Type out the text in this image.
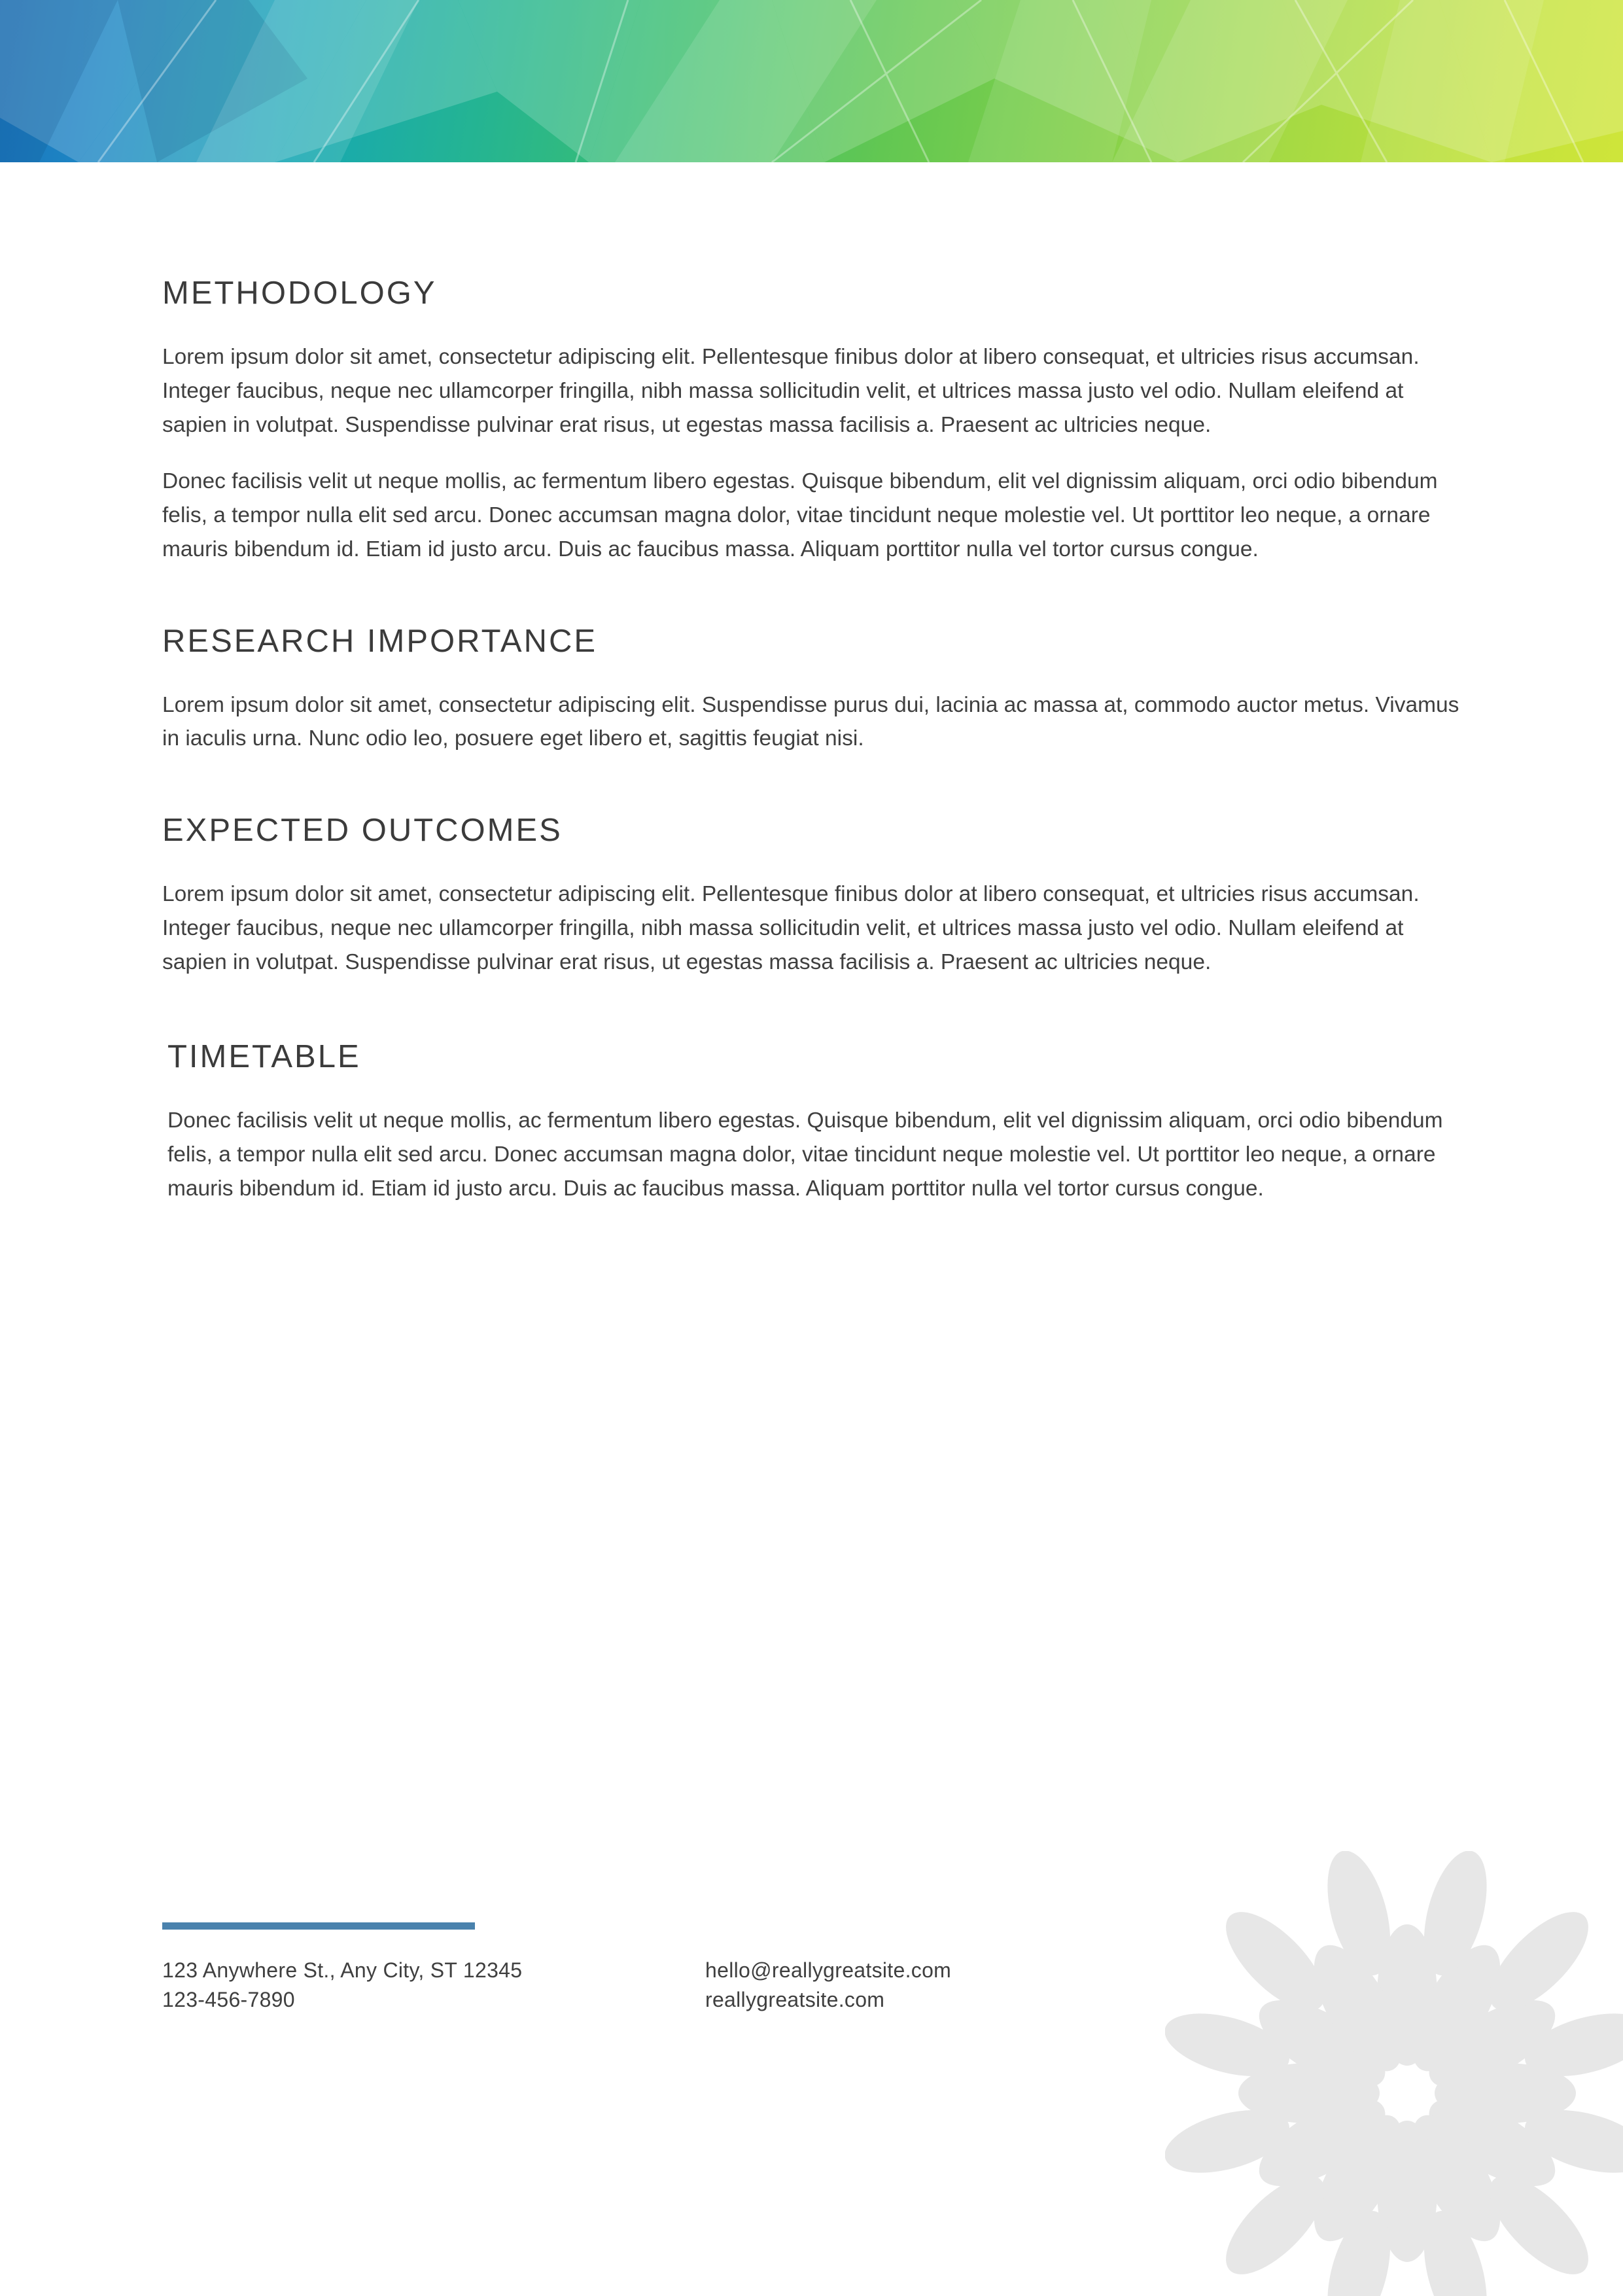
METHODOLOGY

Lorem ipsum dolor sit amet, consectetur adipiscing elit. Pellentesque finibus dolor at libero consequat, et ultricies risus accumsan. Integer faucibus, neque nec ullamcorper fringilla, nibh massa sollicitudin velit, et ultrices massa justo vel odio. Nullam eleifend at sapien in volutpat. Suspendisse pulvinar erat risus, ut egestas massa facilisis a. Praesent ac ultricies neque.

Donec facilisis velit ut neque mollis, ac fermentum libero egestas. Quisque bibendum, elit vel dignissim aliquam, orci odio bibendum felis, a tempor nulla elit sed arcu. Donec accumsan magna dolor, vitae tincidunt neque molestie vel. Ut porttitor leo neque, a ornare mauris bibendum id. Etiam id justo arcu. Duis ac faucibus massa. Aliquam porttitor nulla vel tortor cursus congue.

RESEARCH IMPORTANCE

Lorem ipsum dolor sit amet, consectetur adipiscing elit. Suspendisse purus dui, lacinia ac massa at, commodo auctor metus. Vivamus in iaculis urna. Nunc odio leo, posuere eget libero et, sagittis feugiat nisi.

EXPECTED OUTCOMES

Lorem ipsum dolor sit amet, consectetur adipiscing elit. Pellentesque finibus dolor at libero consequat, et ultricies risus accumsan. Integer faucibus, neque nec ullamcorper fringilla, nibh massa sollicitudin velit, et ultrices massa justo vel odio. Nullam eleifend at sapien in volutpat. Suspendisse pulvinar erat risus, ut egestas massa facilisis a. Praesent ac ultricies neque.

TIMETABLE

Donec facilisis velit ut neque mollis, ac fermentum libero egestas. Quisque bibendum, elit vel dignissim aliquam, orci odio bibendum felis, a tempor nulla elit sed arcu. Donec accumsan magna dolor, vitae tincidunt neque molestie vel. Ut porttitor leo neque, a ornare mauris bibendum id. Etiam id justo arcu. Duis ac faucibus massa. Aliquam porttitor nulla vel tortor cursus congue.

123 Anywhere St., Any City, ST 12345
123-456-7890
hello@reallygreatsite.com
reallygreatsite.com
